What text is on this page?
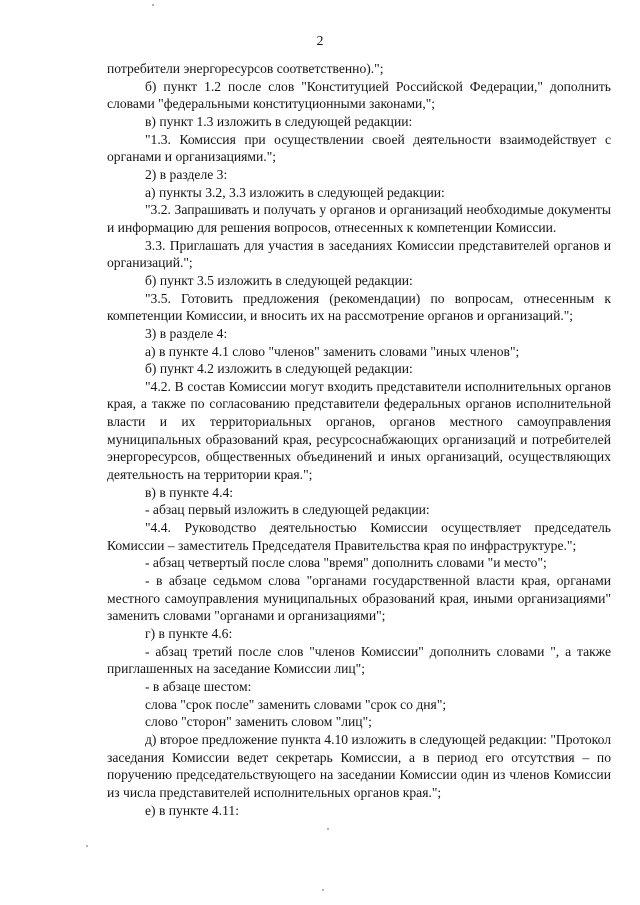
2

потребители энергоресурсов соответственно).";

б) пункт 1.2 после слов "Конституцией Российской Федерации," дополнить словами "федеральными конституционными законами,";

в) пункт 1.3 изложить в следующей редакции:

"1.3. Комиссия при осуществлении своей деятельности взаимодействует с органами и организациями.";

2) в разделе 3:

а) пункты 3.2, 3.3 изложить в следующей редакции:

"3.2. Запрашивать и получать у органов и организаций необходимые документы и информацию для решения вопросов, отнесенных к компетенции Комиссии.

3.3. Приглашать для участия в заседаниях Комиссии представителей органов и организаций.";

б) пункт 3.5 изложить в следующей редакции:

"3.5. Готовить предложения (рекомендации) по вопросам, отнесенным к компетенции Комиссии, и вносить их на рассмотрение органов и организаций.";

3) в разделе 4:

а) в пункте 4.1 слово "членов" заменить словами "иных членов";

б) пункт 4.2 изложить в следующей редакции:

"4.2. В состав Комиссии могут входить представители исполнительных органов края, а также по согласованию представители федеральных органов исполнительной власти и их территориальных органов, органов местного самоуправления муниципальных образований края, ресурсоснабжающих организаций и потребителей энергоресурсов, общественных объединений и иных организаций, осуществляющих деятельность на территории края.";

в) в пункте 4.4:

- абзац первый изложить в следующей редакции:

"4.4. Руководство деятельностью Комиссии осуществляет председатель Комиссии – заместитель Председателя Правительства края по инфраструктуре.";

- абзац четвертый после слова "время" дополнить словами "и место";

- в абзаце седьмом слова "органами государственной власти края, органами местного самоуправления муниципальных образований края, иными организациями" заменить словами "органами и организациями";

г) в пункте 4.6:

- абзац третий после слов "членов Комиссии" дополнить словами ", а также приглашенных на заседание Комиссии лиц";

- в абзаце шестом:

слова "срок после" заменить словами "срок со дня";

слово "сторон" заменить словом "лиц";

д) второе предложение пункта 4.10 изложить в следующей редакции: "Протокол заседания Комиссии ведет секретарь Комиссии, а в период его отсутствия – по поручению председательствующего на заседании Комиссии один из членов Комиссии из числа представителей исполнительных органов края.";

е) в пункте 4.11:
